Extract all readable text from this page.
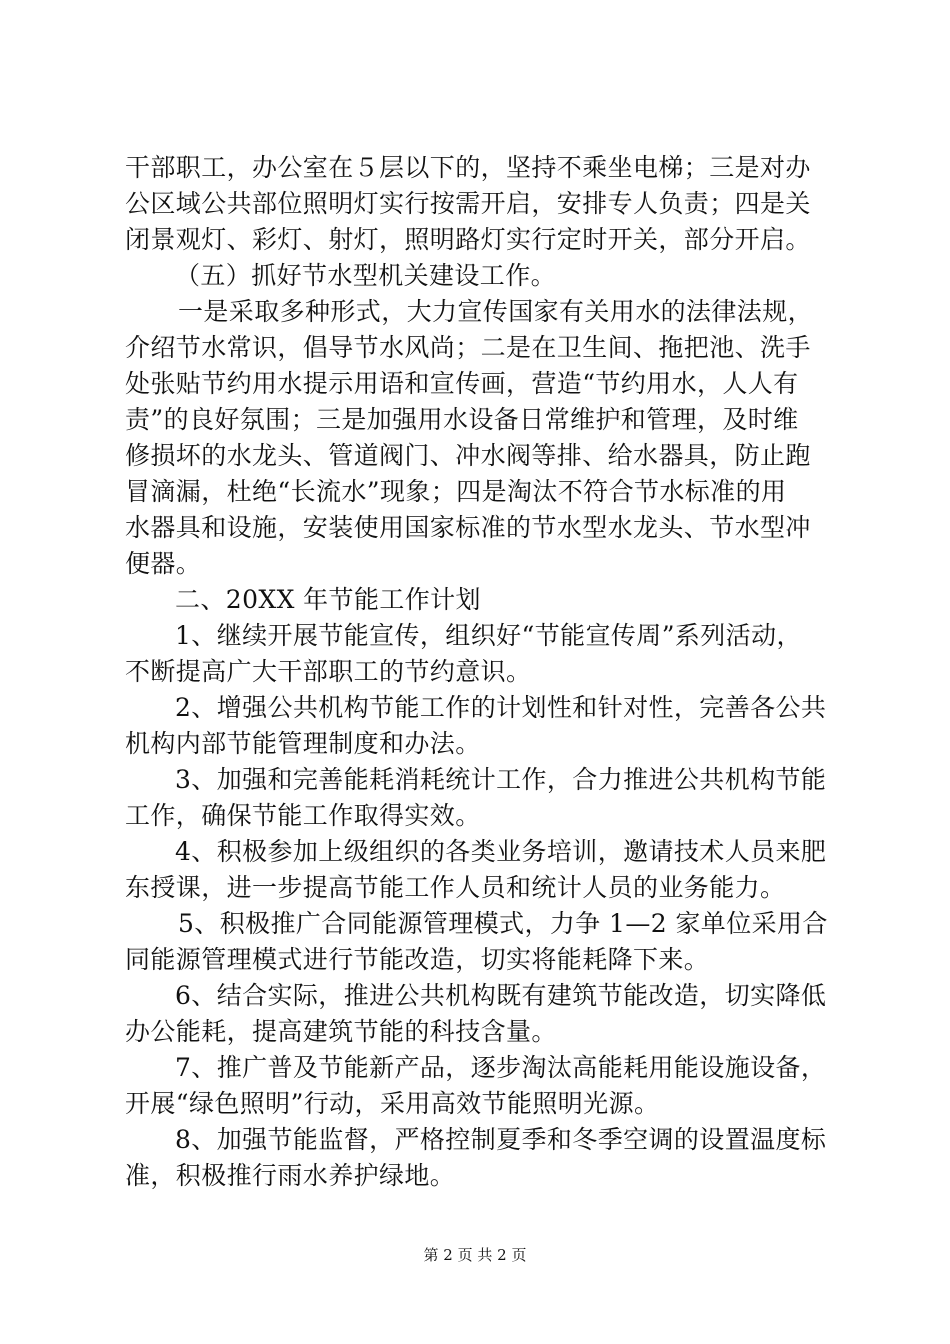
干部职工，办公室在５层以下的，坚持不乘坐电梯；三是对办
公区域公共部位照明灯实行按需开启，安排专人负责；四是关
闭景观灯、彩灯、射灯，照明路灯实行定时开关，部分开启。
（五）抓好节水型机关建设工作。
一是采取多种形式，大力宣传国家有关用水的法律法规，
介绍节水常识，倡导节水风尚；二是在卫生间、拖把池、洗手
处张贴节约用水提示用语和宣传画，营造“节约用水，人人有
责”的良好氛围；三是加强用水设备日常维护和管理，及时维
修损坏的水龙头、管道阀门、冲水阀等排、给水器具，防止跑
冒滴漏，杜绝“长流水”现象；四是淘汰不符合节水标准的用
水器具和设施，安装使用国家标准的节水型水龙头、节水型冲
便器。
二、20XX 年节能工作计划
1、继续开展节能宣传，组织好“节能宣传周”系列活动，
不断提高广大干部职工的节约意识。
2、增强公共机构节能工作的计划性和针对性，完善各公共
机构内部节能管理制度和办法。
3、加强和完善能耗消耗统计工作，合力推进公共机构节能
工作，确保节能工作取得实效。
4、积极参加上级组织的各类业务培训，邀请技术人员来肥
东授课，进一步提高节能工作人员和统计人员的业务能力。
5、积极推广合同能源管理模式，力争 1—2 家单位采用合
同能源管理模式进行节能改造，切实将能耗降下来。
6、结合实际，推进公共机构既有建筑节能改造，切实降低
办公能耗，提高建筑节能的科技含量。
7、推广普及节能新产品，逐步淘汰高能耗用能设施设备，
开展“绿色照明”行动，采用高效节能照明光源。
8、加强节能监督，严格控制夏季和冬季空调的设置温度标
准，积极推行雨水养护绿地。
第 2 页 共 2 页
